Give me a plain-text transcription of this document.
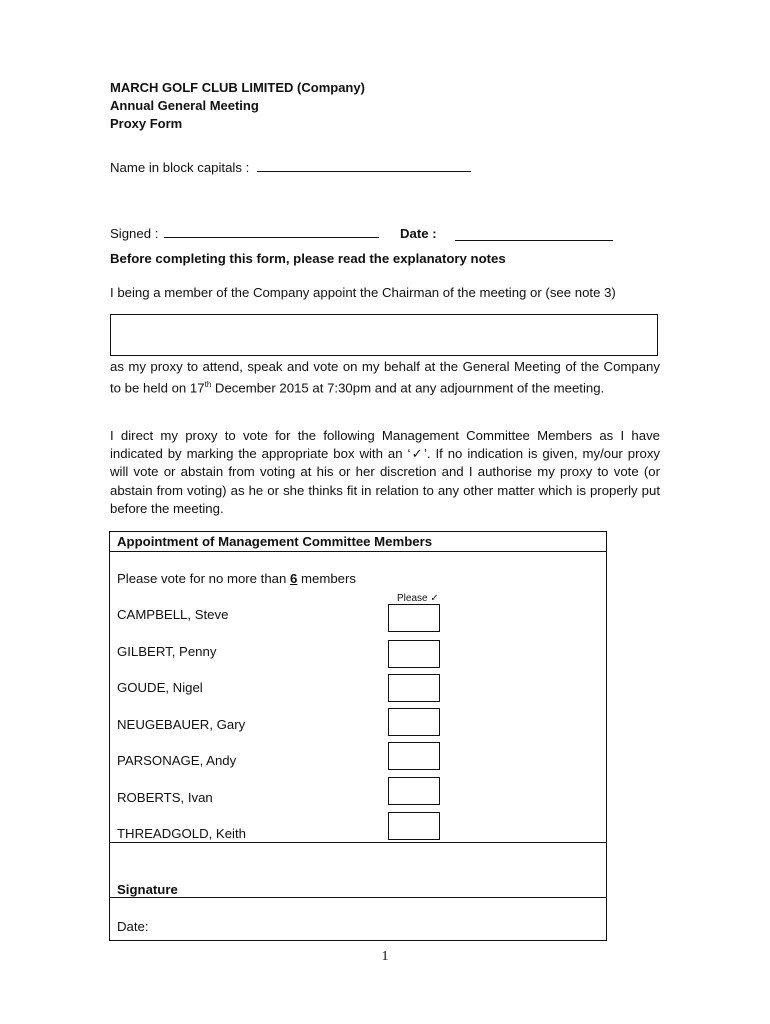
MARCH GOLF CLUB LIMITED (Company)
Annual General Meeting
Proxy Form
Name in block capitals :
Signed :	Date :
Before completing this form, please read the explanatory notes
I being a member of the Company appoint the Chairman of the meeting or (see note 3)
as my proxy to attend, speak and vote on my behalf at the General Meeting of the Company to be held on 17th December 2015 at 7:30pm and at any adjournment of the meeting.
I direct my proxy to vote for the following Management Committee Members as I have indicated by marking the appropriate box with an ‘✓’. If no indication is given, my/our proxy will vote or abstain from voting at his or her discretion and I authorise my proxy to vote (or abstain from voting) as he or she thinks fit in relation to any other matter which is properly put before the meeting.
Appointment of Management Committee Members
Please vote for no more than 6 members
Please ✓
CAMPBELL, Steve
GILBERT, Penny
GOUDE, Nigel
NEUGEBAUER, Gary
PARSONAGE, Andy
ROBERTS, Ivan
THREADGOLD, Keith
Signature
Date:
1
